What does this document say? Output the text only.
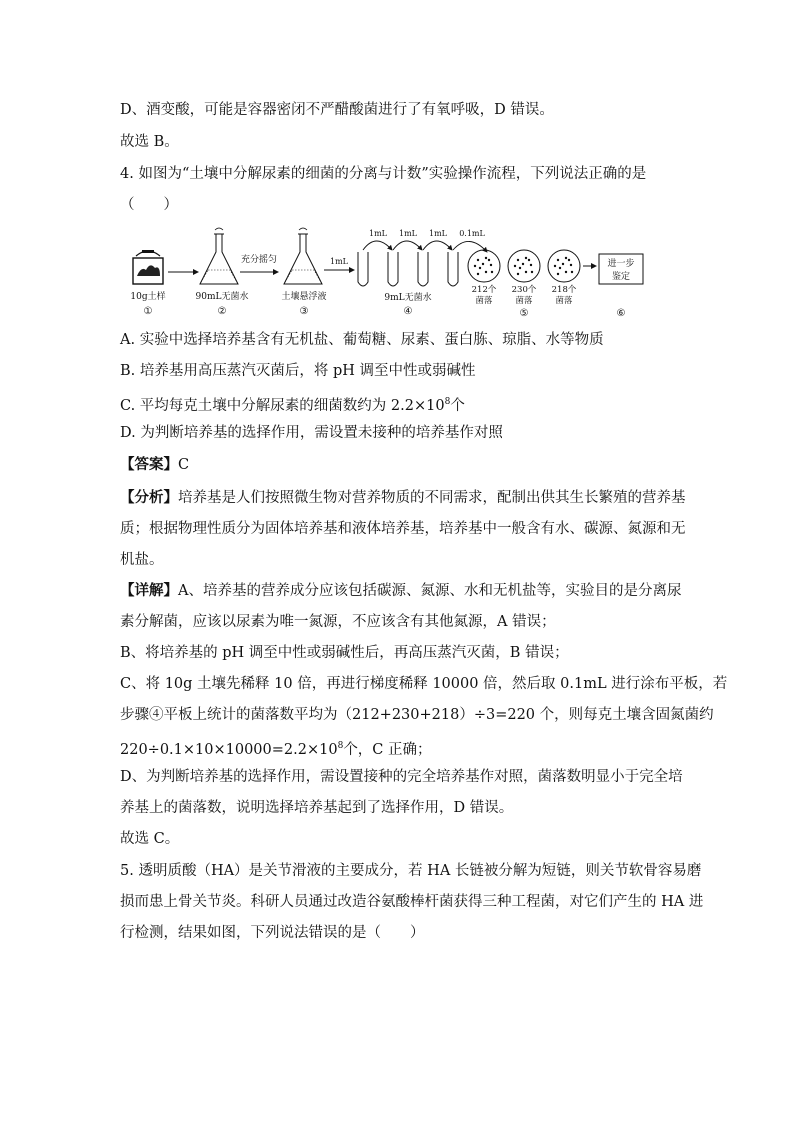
D、酒变酸，可能是容器密闭不严醋酸菌进行了有氧呼吸，D 错误。
故选 B。
4. 如图为“土壤中分解尿素的细菌的分离与计数”实验操作流程，下列说法正确的是
（　　）
10g土样
①
90mL无菌水
②
充分摇匀
土壤悬浮液
③
1mL
1mL 1mL 1mL 0.1mL
9mL无菌水
④
212个
菌落
230个
菌落
218个
菌落
⑤
进一步
鉴定
⑥
A. 实验中选择培养基含有无机盐、葡萄糖、尿素、蛋白胨、琼脂、水等物质
B. 培养基用高压蒸汽灭菌后，将 pH 调至中性或弱碱性
C. 平均每克土壤中分解尿素的细菌数约为 $2.2\times 10^8$个
D. 为判断培养基的选择作用，需设置未接种的培养基作对照
【答案】C
【分析】培养基是人们按照微生物对营养物质的不同需求，配制出供其生长繁殖的营养基
质；根据物理性质分为固体培养基和液体培养基，培养基中一般含有水、碳源、氮源和无
机盐。
【详解】A、培养基的营养成分应该包括碳源、氮源、水和无机盐等，实验目的是分离尿
素分解菌，应该以尿素为唯一氮源，不应该含有其他氮源，A 错误；
B、将培养基的 pH 调至中性或弱碱性后，再高压蒸汽灭菌，B 错误；
C、将 10g 土壤先稀释 10 倍，再进行梯度稀释 10000 倍，然后取 0.1mL 进行涂布平板，若
步骤④平板上统计的菌落数平均为（212+230+218）÷3=220 个，则每克土壤含固氮菌约
$220\div 0.1\times 10\times 10000=2.2\times 10^8$个，C 正确；
D、为判断培养基的选择作用，需设置接种的完全培养基作对照，菌落数明显小于完全培
养基上的菌落数，说明选择培养基起到了选择作用，D 错误。
故选 C。
5. 透明质酸（HA）是关节滑液的主要成分，若 HA 长链被分解为短链，则关节软骨容易磨
损而患上骨关节炎。科研人员通过改造谷氨酸棒杆菌获得三种工程菌，对它们产生的 HA 进
行检测，结果如图，下列说法错误的是（　　）
